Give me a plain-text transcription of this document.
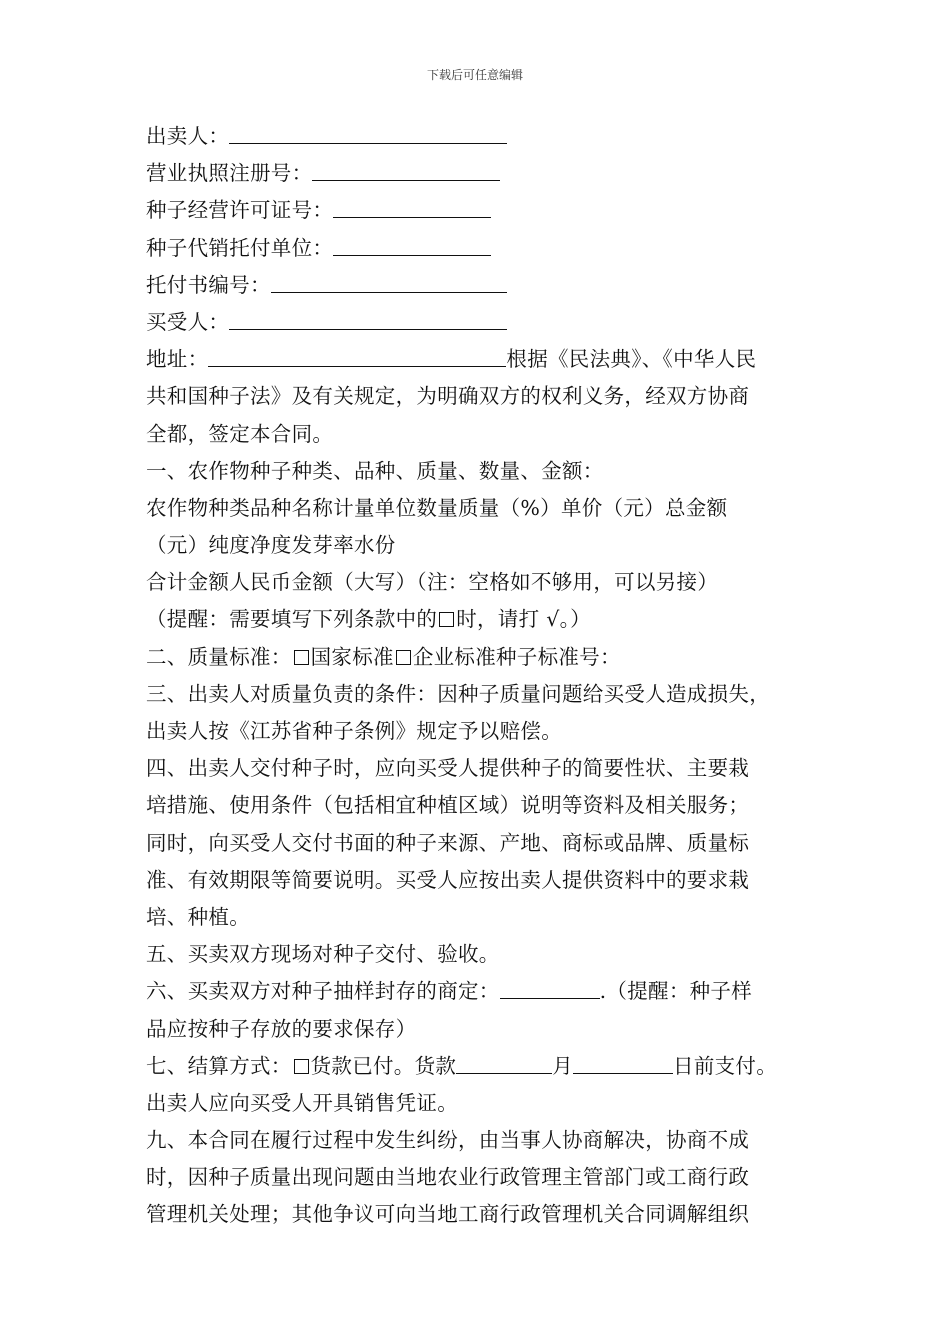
下载后可任意编辑
出卖人：
营业执照注册号：
种子经营许可证号：
种子代销托付单位：
托付书编号：
买受人：
地址：	根据《民法典》、《中华人民
共和国种子法》及有关规定，为明确双方的权利义务，经双方协商
全都，签定本合同。
一、农作物种子种类、品种、质量、数量、金额：
农作物种类品种名称计量单位数量质量（%）单价（元）总金额
（元）纯度净度发芽率水份
合计金额人民币金额（大写）（注：空格如不够用，可以另接）
（提醒：需要填写下列条款中的 时，请打 √。）
二、质量标准： 国家标准 企业标准种子标准号：
三、出卖人对质量负责的条件：因种子质量问题给买受人造成损失，
出卖人按《江苏省种子条例》规定予以赔偿。
四、出卖人交付种子时，应向买受人提供种子的简要性状、主要栽
培措施、使用条件（包括相宜种植区域）说明等资料及相关服务；
同时，向买受人交付书面的种子来源、产地、商标或品牌、质量标
准、有效期限等简要说明。买受人应按出卖人提供资料中的要求栽
培、种植。
五、买卖双方现场对种子交付、验收。
六、买卖双方对种子抽样封存的商定：	.（提醒：种子样
品应按种子存放的要求保存）
七、结算方式： 货款已付。货款	月	日前支付。
出卖人应向买受人开具销售凭证。
九、本合同在履行过程中发生纠纷，由当事人协商解决，协商不成
时，因种子质量出现问题由当地农业行政管理主管部门或工商行政
管理机关处理；其他争议可向当地工商行政管理机关合同调解组织
